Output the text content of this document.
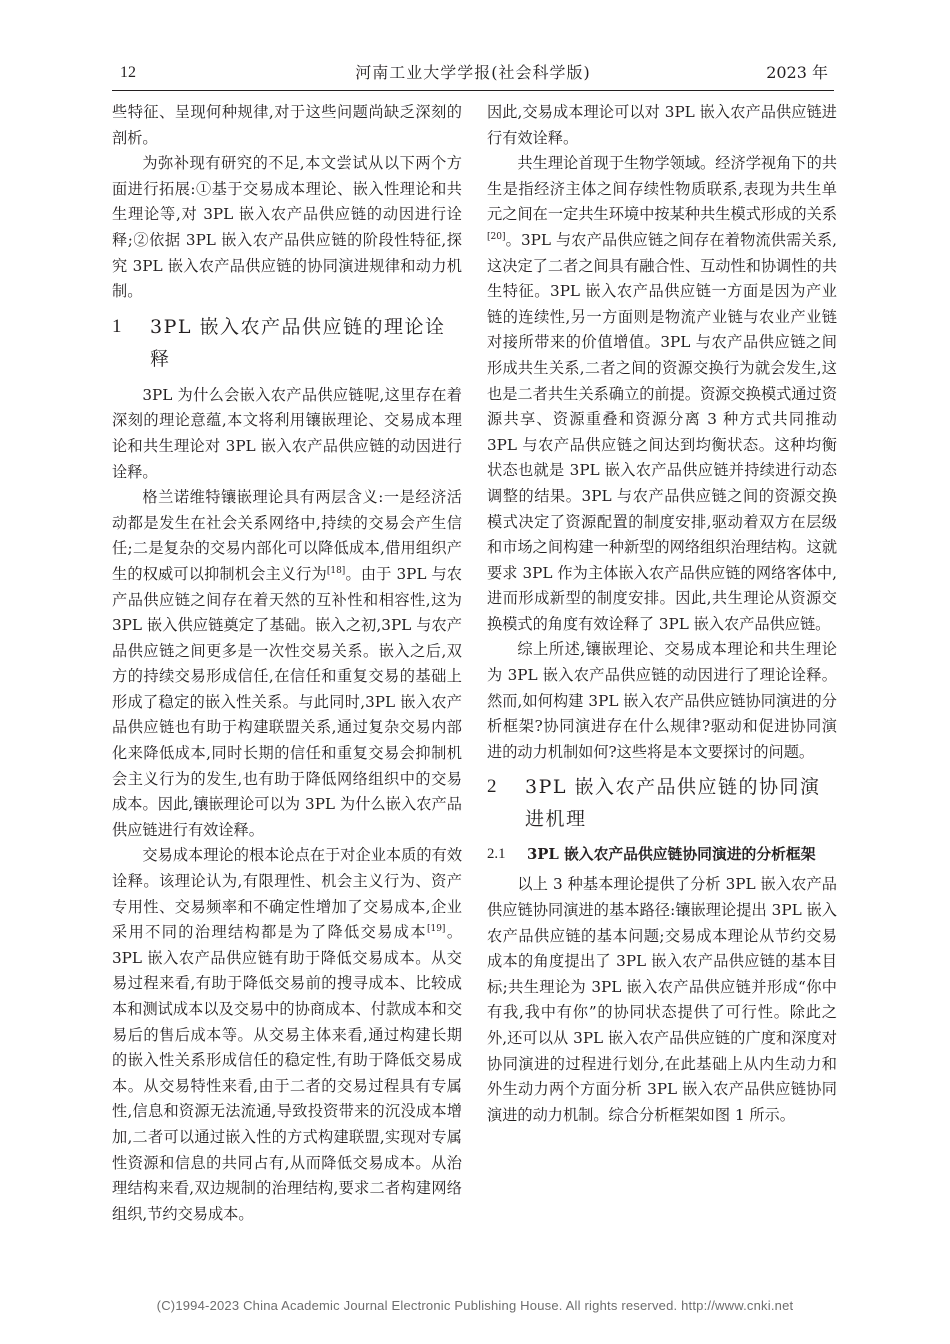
12	河南工业大学学报(社会科学版)	2023 年

些特征、呈现何种规律,对于这些问题尚缺乏深刻的剖析。

为弥补现有研究的不足,本文尝试从以下两个方面进行拓展:①基于交易成本理论、嵌入性理论和共生理论等,对 3PL 嵌入农产品供应链的动因进行诠释;②依据 3PL 嵌入农产品供应链的阶段性特征,探究 3PL 嵌入农产品供应链的协同演进规律和动力机制。

1	3PL 嵌入农产品供应链的理论诠释

3PL 为什么会嵌入农产品供应链呢,这里存在着深刻的理论意蕴,本文将利用镶嵌理论、交易成本理论和共生理论对 3PL 嵌入农产品供应链的动因进行诠释。

格兰诺维特镶嵌理论具有两层含义:一是经济活动都是发生在社会关系网络中,持续的交易会产生信任;二是复杂的交易内部化可以降低成本,借用组织产生的权威可以抑制机会主义行为[18]。由于 3PL 与农产品供应链之间存在着天然的互补性和相容性,这为 3PL 嵌入供应链奠定了基础。嵌入之初,3PL 与农产品供应链之间更多是一次性交易关系。嵌入之后,双方的持续交易形成信任,在信任和重复交易的基础上形成了稳定的嵌入性关系。与此同时,3PL 嵌入农产品供应链也有助于构建联盟关系,通过复杂交易内部化来降低成本,同时长期的信任和重复交易会抑制机会主义行为的发生,也有助于降低网络组织中的交易成本。因此,镶嵌理论可以为 3PL 为什么嵌入农产品供应链进行有效诠释。

交易成本理论的根本论点在于对企业本质的有效诠释。该理论认为,有限理性、机会主义行为、资产专用性、交易频率和不确定性增加了交易成本,企业采用不同的治理结构都是为了降低交易成本[19]。3PL 嵌入农产品供应链有助于降低交易成本。从交易过程来看,有助于降低交易前的搜寻成本、比较成本和测试成本以及交易中的协商成本、付款成本和交易后的售后成本等。从交易主体来看,通过构建长期的嵌入性关系形成信任的稳定性,有助于降低交易成本。从交易特性来看,由于二者的交易过程具有专属性,信息和资源无法流通,导致投资带来的沉没成本增加,二者可以通过嵌入性的方式构建联盟,实现对专属性资源和信息的共同占有,从而降低交易成本。从治理结构来看,双边规制的治理结构,要求二者构建网络组织,节约交易成本。

因此,交易成本理论可以对 3PL 嵌入农产品供应链进行有效诠释。

共生理论首现于生物学领域。经济学视角下的共生是指经济主体之间存续性物质联系,表现为共生单元之间在一定共生环境中按某种共生模式形成的关系[20]。3PL 与农产品供应链之间存在着物流供需关系,这决定了二者之间具有融合性、互动性和协调性的共生特征。3PL 嵌入农产品供应链一方面是因为产业链的连续性,另一方面则是物流产业链与农业产业链对接所带来的价值增值。3PL 与农产品供应链之间形成共生关系,二者之间的资源交换行为就会发生,这也是二者共生关系确立的前提。资源交换模式通过资源共享、资源重叠和资源分离 3 种方式共同推动 3PL 与农产品供应链之间达到均衡状态。这种均衡状态也就是 3PL 嵌入农产品供应链并持续进行动态调整的结果。3PL 与农产品供应链之间的资源交换模式决定了资源配置的制度安排,驱动着双方在层级和市场之间构建一种新型的网络组织治理结构。这就要求 3PL 作为主体嵌入农产品供应链的网络客体中,进而形成新型的制度安排。因此,共生理论从资源交换模式的角度有效诠释了 3PL 嵌入农产品供应链。

综上所述,镶嵌理论、交易成本理论和共生理论为 3PL 嵌入农产品供应链的动因进行了理论诠释。然而,如何构建 3PL 嵌入农产品供应链协同演进的分析框架?协同演进存在什么规律?驱动和促进协同演进的动力机制如何?这些将是本文要探讨的问题。

2	3PL 嵌入农产品供应链的协同演进机理
2.1	3PL 嵌入农产品供应链协同演进的分析框架

以上 3 种基本理论提供了分析 3PL 嵌入农产品供应链协同演进的基本路径:镶嵌理论提出 3PL 嵌入农产品供应链的基本问题;交易成本理论从节约交易成本的角度提出了 3PL 嵌入农产品供应链的基本目标;共生理论为 3PL 嵌入农产品供应链并形成“你中有我,我中有你”的协同状态提供了可行性。除此之外,还可以从 3PL 嵌入农产品供应链的广度和深度对协同演进的过程进行划分,在此基础上从内生动力和外生动力两个方面分析 3PL 嵌入农产品供应链协同演进的动力机制。综合分析框架如图 1 所示。

(C)1994-2023 China Academic Journal Electronic Publishing House. All rights reserved. http://www.cnki.net
